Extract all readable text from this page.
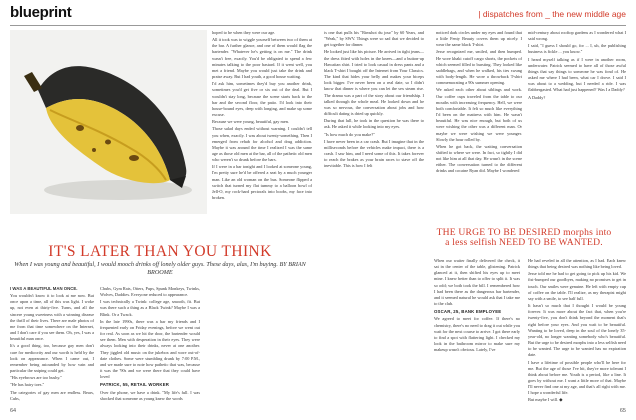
blueprint	| dispatches from _ the new middle age
IT'S LATER THAN YOU THINK
When I was young and beautiful, I would mooch drinks off lonely older guys. These days, alas, I'm buying. BY BRIAN BROOME

I WAS A BEAUTIFUL MAN ONCE.

You wouldn't know it to look at me now. But once upon a time, all of this was light. I woke up, not even at thirty-five. Turns, and all the sincere young sweetness with a winning disease the thrill of their lives. There are male photos of me from that time somewhere on the Internet, and I don't care if you see them. Oh, yes, I was a beautiful man once.

It's a good thing, too, because gay men don't care for mediocrity and our worth is held by the look on appearance. When I came out, I remember being astounded by how vain and particular the sniping could get.

"His eyebrows are too bushy."

"He has hairy toes."

The categories of gay men are endless. Bears, Cubs,

Chubs, Gym Rats, Otters, Pups, Spunk Monkeys, Twinks, Wolves, Daddies. Everyone reduced to appearance.

I was technically a Twink: college age, smooth, fit. But was there such a thing as a Black Twink? Maybe I was a Blink. Or a Twack.

In the late 1990s, there was a bar my friends and I frequented early on Friday evenings, before we went out for real. As soon as we hit the door, the bartender would see them. Men with desperation in their eyes. They were always looking into their drinks, never at one another. They jiggled old music on the jukebox and wore out-of-date clothes. Some were stumbling drunk by 7:00 P.M., and we made sure to note how pathetic that was, because it was the '90s and we were there that they could have loved

PATRICK, 55, RETAIL WORKER

Over the phone, we have a drink. "My life's full. I was shocked that someone as young knew the words

hoped to be when they were our age.

All it took was to wiggle yourself between two of them at the bar. A further glance, and one of them would flag the bartender. "Whatever he's getting is on me." The drink wasn't free, exactly. You'd be obligated to spend a few minutes talking to the poor bastard. If it went well, you met a friend. Maybe you would just take the drink and praise away. But I had youth, a good house waiting.

I'd ask him, sometimes they'd buy you another drink, sometimes you'd get five or six out of the deal. But I wouldn't stay long, because the scene starts back to the bar and the second floor, the patio. I'd look into their house-bound eyes, deep with longing, and make up some excuse.

Because we were young, beautiful, gay men.

Those salad days ended without warning. I couldn't tell you when, exactly. I was about twenty-something. Then I emerged from rehab for alcohol and drug addiction. Maybe it was around the time I realized I was the same age as those old men at the bar, all of the pathetic old men who weren't so drunk before the bars.

If I were in a bar tonight and I looked at someone young, I'm pretty sure he'd be offered a seat by a much younger man. Like an old woman on the bus. Someone flipped a switch that turned my flat tummy to a balloon bowl of Jell-O, my rock-hard pectorals into boobs, my face into broken.

is one that pulls his "Rimshot du jour" by 60 Years, and "Weak," by SWV. Things were so sad that we decided to get together for dinner.

He looked just like his picture. He arrived in tight jeans—the dress fitted with holes in the knees—and a button-up Hawaiian shirt. I tried to look casual in dress pants and a black T-shirt I bought off the Internet from Your Classics. The kind that hides your belly and makes your biceps look bigger. I've never been on a real date, so I didn't know that dinner is where you can let the sex steam rise. The drama was a part of the story about our friendship. I talked through the whole meal. He looked down and he was so nervous, the conversation about jobs and how difficult dating is dried up quickly.

During that lull, he took in the question he was there to ask. He asked it while looking into my eyes.

"Is how much do you make?"

I have never been in a car crash. But I imagine that in the milliseconds before the vehicles make impact, there is a crash. I saw him, and I need some of this. It takes forever to reach the brakes as your brain races to stave off the inevitable. This is how I felt

noticed dark circles under my eyes and found that a little Fenty Beauty covers them up nicely. I wear the same black T-shirt.

Jesse recognized me, smiled, and then bumped. He wore khaki cutoff cargo shorts, the pockets of which seemed filled to bursting. They looked like saddlebags, and when he walked, his ties swung with body-length. He wore a throwback T-shirt commemorating a 90s summer opening.

We asked each other about siblings and work. Our coffee cups traveled from the table to our mouths with increasing frequency. Hell, we were both comfortable. It felt so much like everything I'd been on the mattress with him. He wasn't beautiful. He was nice enough, but both of us were wishing the other was a different man. Or maybe we were wishing we were younger. Slowly the hour rolled by.

When he got back, the waiting conversation shifted to where we were. In fact, so tightly I did not like him at all that day. He wasn't in the scene either. The conversation turned to the different drinks and cocaine Ryan did. Maybe I wondered

mid-century about rooftop gardens as I wondered what I said wrong.

I said, "I guess I should go, for ... I, uh, the publishing business is fickle ... you know."

I heard myself talking as if I were in another room, underwater. Patrick seemed to have all of those awful things that say things to someone he was fond of. He asked me where I had been, what car I drove. I said I was about to a wedding, but I needed a ride. I was flabbergasted. What had just happened? Was I a Daddy?

A Daddy?

THE URGE TO BE DESIRED morphs into a less selfish NEED TO BE WANTED.

When our waiter finally delivered the check, it sat in the center of the table, glistening. Patrick glanced at it, then shifted his eyes up to meet mine. I knew better than to offer to split it. It was so odd; we both took the bill. I remembered how I had been there as the dangerous bar bartender, and it seemed natural he would ask that I take me to the club.

OSCAR, 25, BANK EMPLOYEE

We agreed to meet for coffee. If there's no chemistry, there's no need to drag it out while you wait for the next course to arrive. I got there early to find a spot with flattering light. I checked my look in the bathroom mirror to make sure my makeup wasn't obvious. Lately, I've

He had reveled in all the attention, as I had. Each knew things that being desired was nothing like being loved.

Jesse told me he had to get going to pick up his kid. We fist-bumped our goodbyes, making no promises to get in touch. Our smiles were genuine. He left with empty cup of coffee on the table. I'll realize, as my therapist might say with a smile, to see half full.

It hasn't so much that I thought I would be young forever. It was more about the fact that, when you're twenty-five, you don't think beyond the moment that's right before your eyes. And you wait to be beautiful. Wanting to be loved, deep in the soul of the lonely 35-year-old, no longer wanting somebody who's beautiful. But the urge to be desired morphs into a less selfish need to be wanted. The urge to be wanted has no expiration date.

I have a lifetime of possible people who'll be here for me. But the age of those I've hit, they're more tolerant I think about before me. Youth is a period, like a line. It goes by without me. I want a little more of that. Maybe I'll never find one at my age, and that's all right with me. I hope a wonderful life.

But maybe I will. ◆

64	65
